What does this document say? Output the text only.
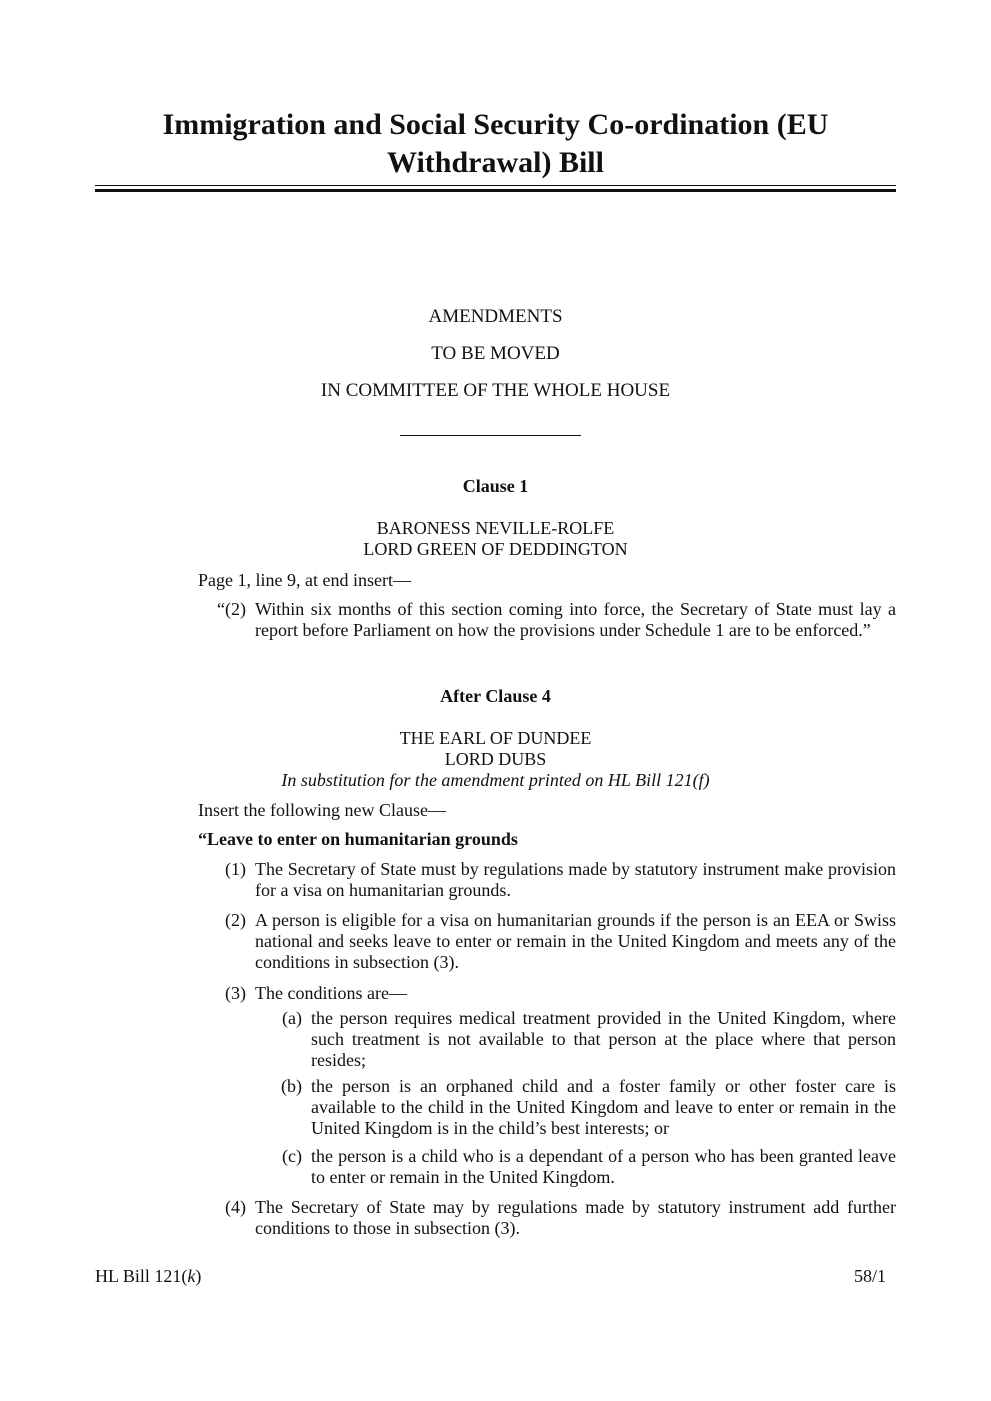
Immigration and Social Security Co-ordination (EU Withdrawal) Bill
AMENDMENTS
TO BE MOVED
IN COMMITTEE OF THE WHOLE HOUSE
Clause 1
BARONESS NEVILLE-ROLFE
LORD GREEN OF DEDDINGTON
Page 1, line 9, at end insert—
“(2) Within six months of this section coming into force, the Secretary of State must lay a report before Parliament on how the provisions under Schedule 1 are to be enforced.”
After Clause 4
THE EARL OF DUNDEE
LORD DUBS
In substitution for the amendment printed on HL Bill 121(f)
Insert the following new Clause—
“Leave to enter on humanitarian grounds
(1) The Secretary of State must by regulations made by statutory instrument make provision for a visa on humanitarian grounds.
(2) A person is eligible for a visa on humanitarian grounds if the person is an EEA or Swiss national and seeks leave to enter or remain in the United Kingdom and meets any of the conditions in subsection (3).
(3) The conditions are—
(a) the person requires medical treatment provided in the United Kingdom, where such treatment is not available to that person at the place where that person resides;
(b) the person is an orphaned child and a foster family or other foster care is available to the child in the United Kingdom and leave to enter or remain in the United Kingdom is in the child’s best interests; or
(c) the person is a child who is a dependant of a person who has been granted leave to enter or remain in the United Kingdom.
(4) The Secretary of State may by regulations made by statutory instrument add further conditions to those in subsection (3).
HL Bill 121(k)	58/1
